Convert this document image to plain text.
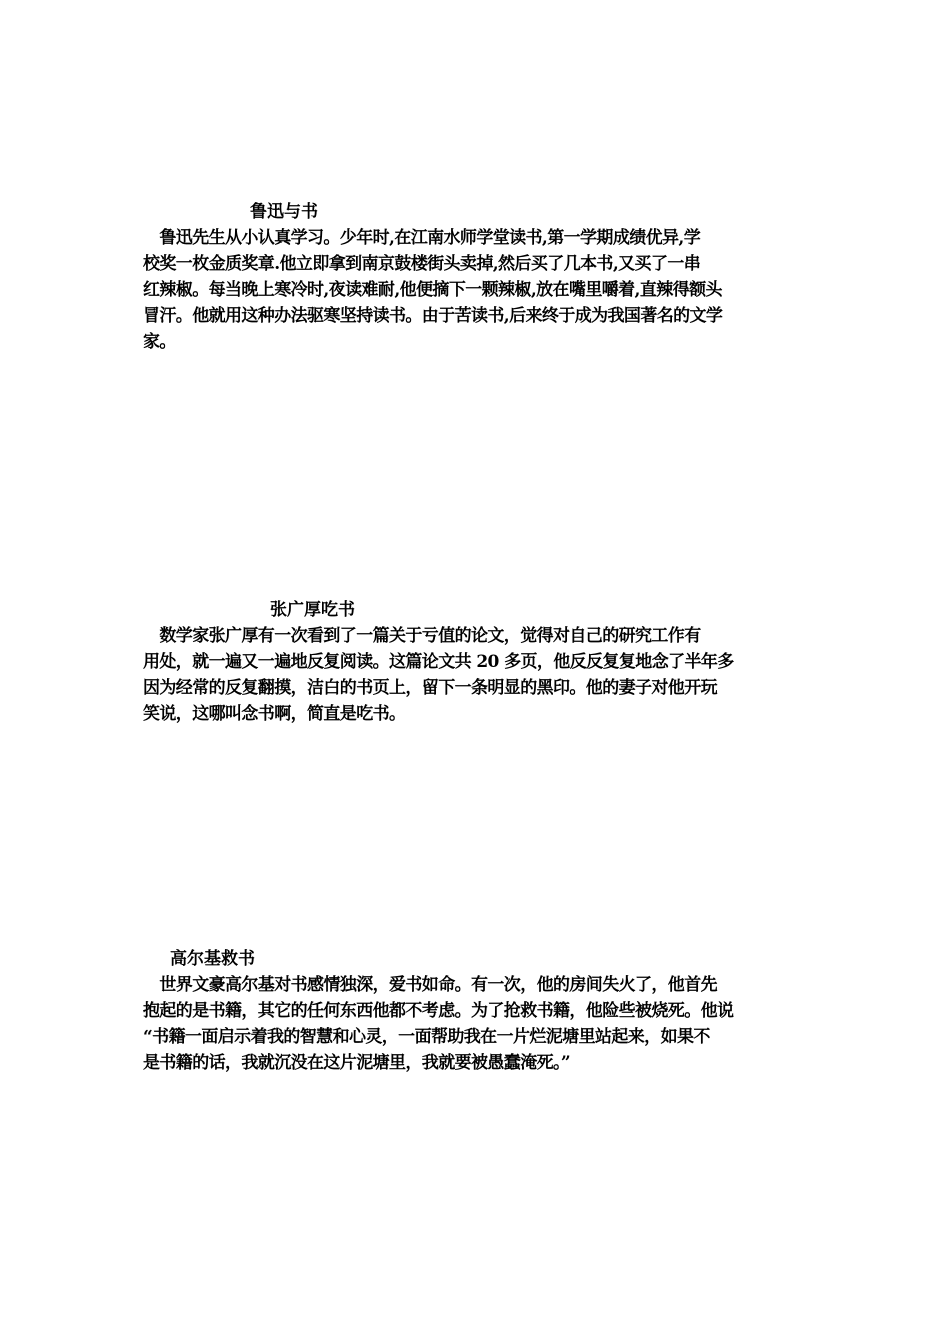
鲁迅与书

　鲁迅先生从小认真学习。少年时,在江南水师学堂读书,第一学期成绩优异,学
校奖一枚金质奖章.他立即拿到南京鼓楼街头卖掉,然后买了几本书,又买了一串
红辣椒。每当晚上寒冷时,夜读难耐,他便摘下一颗辣椒,放在嘴里嚼着,直辣得额头
冒汗。他就用这种办法驱寒坚持读书。由于苦读书,后来终于成为我国著名的文学
家。

张广厚吃书

　数学家张广厚有一次看到了一篇关于亏值的论文，觉得对自己的研究工作有
用处，就一遍又一遍地反复阅读。这篇论文共 20 多页，他反反复复地念了半年多
因为经常的反复翻摸，洁白的书页上，留下一条明显的黑印。他的妻子对他开玩
笑说，这哪叫念书啊，简直是吃书。

高尔基救书

　世界文豪高尔基对书感情独深，爱书如命。有一次，他的房间失火了，他首先
抱起的是书籍，其它的任何东西他都不考虑。为了抢救书籍，他险些被烧死。他说
“书籍一面启示着我的智慧和心灵，一面帮助我在一片烂泥塘里站起来，如果不
是书籍的话，我就沉没在这片泥塘里，我就要被愚蠢淹死。”
